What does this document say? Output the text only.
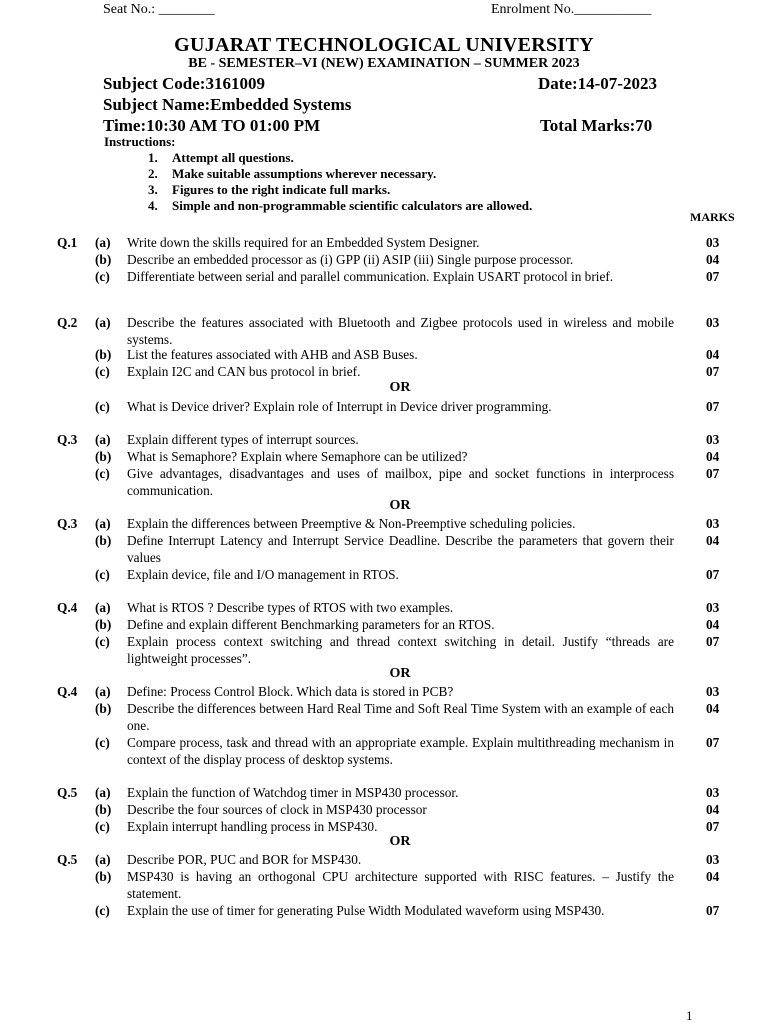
Seat No.: ________	Enrolment No.___________
GUJARAT TECHNOLOGICAL UNIVERSITY
BE - SEMESTER–VI (NEW) EXAMINATION – SUMMER 2023
Subject Code:3161009	Date:14-07-2023
Subject Name:Embedded Systems
Time:10:30 AM TO 01:00 PM	Total Marks:70
Instructions:
1.	Attempt all questions.
2.	Make suitable assumptions wherever necessary.
3.	Figures to the right indicate full marks.
4.	Simple and non-programmable scientific calculators are allowed.
MARKS
Q.1 (a) Write down the skills required for an Embedded System Designer.	03
(b) Describe an embedded processor as (i) GPP (ii) ASIP (iii) Single purpose processor.	04
(c) Differentiate between serial and parallel communication. Explain USART protocol in brief.	07
Q.2 (a) Describe the features associated with Bluetooth and Zigbee protocols used in wireless and mobile systems.
03
(b) List the features associated with AHB and ASB Buses.	04
(c) Explain I2C and CAN bus protocol in brief.	07
OR
(c) What is Device driver? Explain role of Interrupt in Device driver programming.	07
Q.3 (a) Explain different types of interrupt sources.	03
(b) What is Semaphore? Explain where Semaphore can be utilized?	04
(c) Give advantages, disadvantages and uses of mailbox, pipe and socket functions in interprocess communication.
07
OR
Q.3 (a) Explain the differences between Preemptive & Non-Preemptive scheduling policies.	03
(b) Define Interrupt Latency and Interrupt Service Deadline. Describe the parameters that govern their values
04
(c) Explain device, file and I/O management in RTOS.	07
Q.4 (a) What is RTOS ? Describe types of RTOS with two examples.	03
(b) Define and explain different Benchmarking parameters for an RTOS.	04
(c) Explain process context switching and thread context switching in detail. Justify “threads are lightweight processes”.
07
OR
Q.4 (a) Define: Process Control Block. Which data is stored in PCB?	03
(b) Describe the differences between Hard Real Time and Soft Real Time System with an example of each one.
04
(c) Compare process, task and thread with an appropriate example. Explain multithreading mechanism in context of the display process of desktop systems.
07
Q.5 (a) Explain the function of Watchdog timer in MSP430 processor.	03
(b) Describe the four sources of clock in MSP430 processor	04
(c) Explain interrupt handling process in MSP430.	07
OR
Q.5 (a) Describe POR, PUC and BOR for MSP430.	03
(b) MSP430 is having an orthogonal CPU architecture supported with RISC features. – Justify the statement.
04
(c) Explain the use of timer for generating Pulse Width Modulated waveform using MSP430.	07
1
